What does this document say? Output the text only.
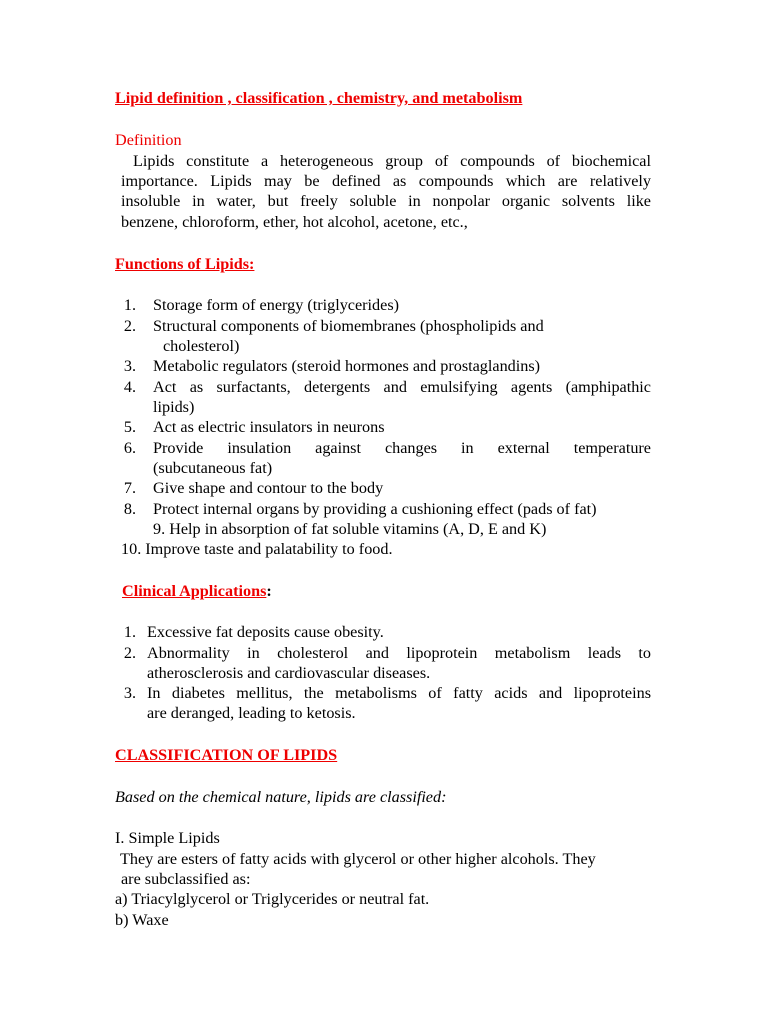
Lipid definition , classification , chemistry, and metabolism
Definition
Lipids constitute a heterogeneous group of compounds of biochemical
importance. Lipids may be defined as compounds which are relatively
insoluble in water, but freely soluble in nonpolar organic solvents like
benzene, chloroform, ether, hot alcohol, acetone, etc.,
Functions of Lipids:
1. Storage form of energy (triglycerides)
2. Structural components of biomembranes (phospholipids and
cholesterol)
3. Metabolic regulators (steroid hormones and prostaglandins)
4. Act as surfactants, detergents and emulsifying agents (amphipathic
lipids)
5. Act as electric insulators in neurons
6. Provide insulation against changes in external temperature
(subcutaneous fat)
7. Give shape and contour to the body
8. Protect internal organs by providing a cushioning effect (pads of fat)
9. Help in absorption of fat soluble vitamins (A, D, E and K)
10. Improve taste and palatability to food.
Clinical Applications:
1. Excessive fat deposits cause obesity.
2. Abnormality in cholesterol and lipoprotein metabolism leads to
atherosclerosis and cardiovascular diseases.
3. In diabetes mellitus, the metabolisms of fatty acids and lipoproteins
are deranged, leading to ketosis.
CLASSIFICATION OF LIPIDS
Based on the chemical nature, lipids are classified:
I. Simple Lipids
They are esters of fatty acids with glycerol or other higher alcohols. They
are subclassified as:
a) Triacylglycerol or Triglycerides or neutral fat.
b) Waxe
